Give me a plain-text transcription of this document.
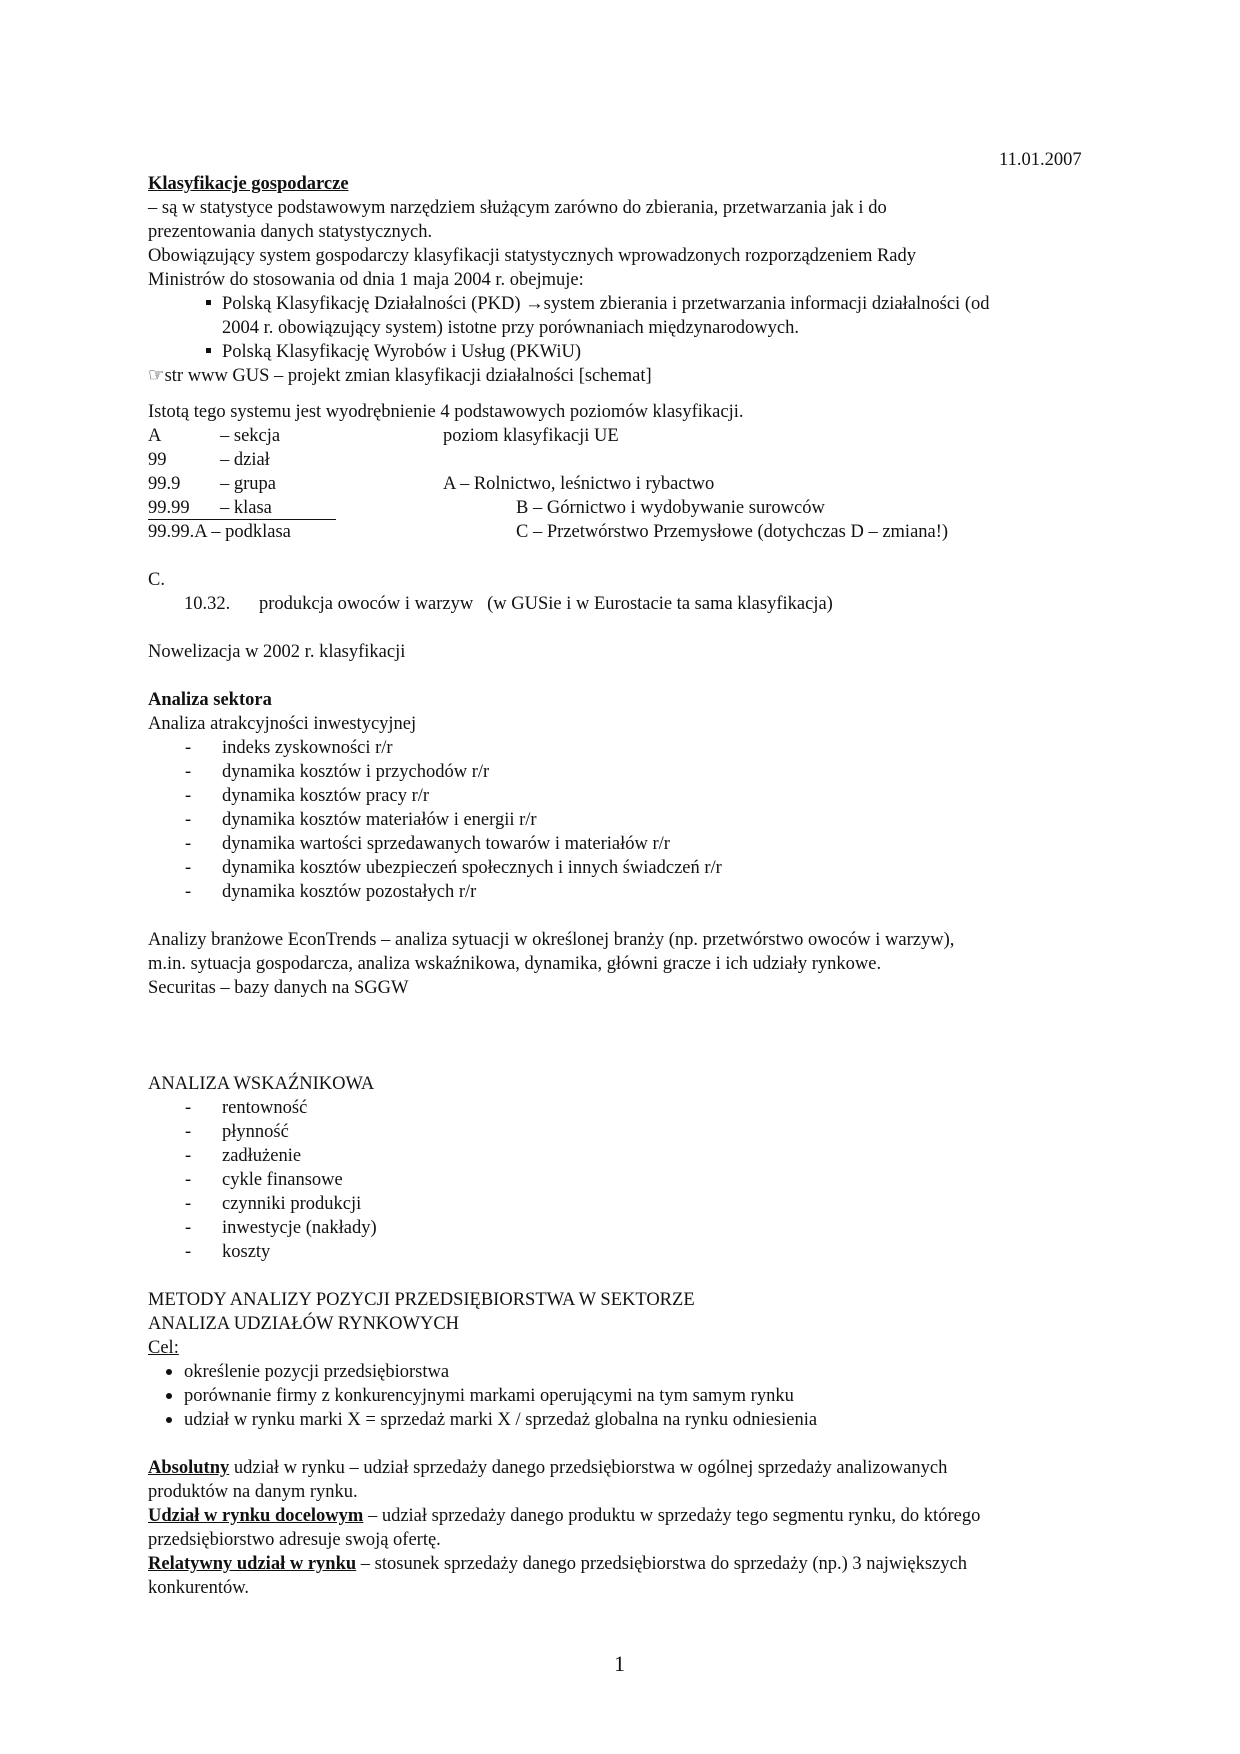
11.01.2007
Klasyfikacje gospodarcze
– są w statystyce podstawowym narzędziem służącym zarówno do zbierania, przetwarzania jak i do
prezentowania danych statystycznych.
Obowiązujący system gospodarczy klasyfikacji statystycznych wprowadzonych rozporządzeniem Rady
Ministrów do stosowania od dnia 1 maja 2004 r. obejmuje:
Polską Klasyfikację Działalności (PKD) →system zbierania i przetwarzania informacji działalności (od
2004 r. obowiązujący system) istotne przy porównaniach międzynarodowych.
Polską Klasyfikację Wyrobów i Usług (PKWiU)
☞str www GUS – projekt zmian klasyfikacji działalności [schemat]
Istotą tego systemu jest wyodrębnienie 4 podstawowych poziomów klasyfikacji.
A	– sekcja
99	– dział
99.9 – grupa
99.99 – klasa
99.99.A – podklasa
poziom klasyfikacji UE
A – Rolnictwo, leśnictwo i rybactwo
B – Górnictwo i wydobywanie surowców
C – Przetwórstwo Przemysłowe (dotychczas D – zmiana!)
C.
10.32. produkcja owoców i warzyw   (w GUSie i w Eurostacie ta sama klasyfikacja)
Nowelizacja w 2002 r. klasyfikacji
Analiza sektora
Analiza atrakcyjności inwestycyjnej
- indeks zyskowności r/r
- dynamika kosztów i przychodów r/r
- dynamika kosztów pracy r/r
- dynamika kosztów materiałów i energii r/r
- dynamika wartości sprzedawanych towarów i materiałów r/r
- dynamika kosztów ubezpieczeń społecznych i innych świadczeń r/r
- dynamika kosztów pozostałych r/r
Analizy branżowe EconTrends – analiza sytuacji w określonej branży (np. przetwórstwo owoców i warzyw),
m.in. sytuacja gospodarcza, analiza wskaźnikowa, dynamika, główni gracze i ich udziały rynkowe.
Securitas – bazy danych na SGGW
ANALIZA WSKAŹNIKOWA
- rentowność
- płynność
- zadłużenie
- cykle finansowe
- czynniki produkcji
- inwestycje (nakłady)
- koszty
METODY ANALIZY POZYCJI PRZEDSIĘBIORSTWA W SEKTORZE
ANALIZA UDZIAŁÓW RYNKOWYCH
Cel:
określenie pozycji przedsiębiorstwa
porównanie firmy z konkurencyjnymi markami operującymi na tym samym rynku
udział w rynku marki X = sprzedaż marki X / sprzedaż globalna na rynku odniesienia
Absolutny udział w rynku – udział sprzedaży danego przedsiębiorstwa w ogólnej sprzedaży analizowanych
produktów na danym rynku.
Udział w rynku docelowym – udział sprzedaży danego produktu w sprzedaży tego segmentu rynku, do którego
przedsiębiorstwo adresuje swoją ofertę.
Relatywny udział w rynku – stosunek sprzedaży danego przedsiębiorstwa do sprzedaży (np.) 3 największych
konkurentów.
1
